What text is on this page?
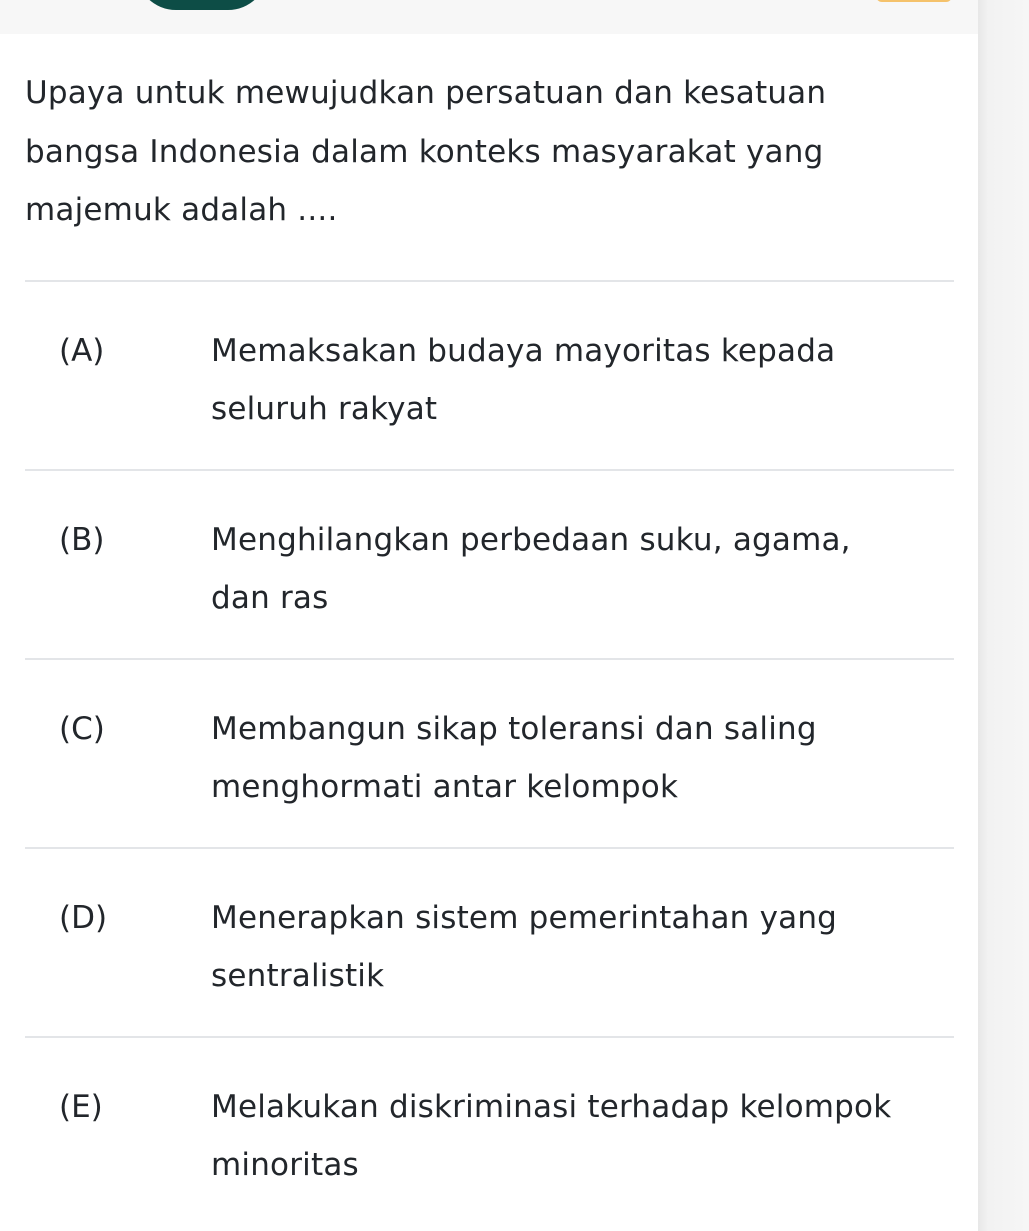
Upaya untuk mewujudkan persatuan dan kesatuan
bangsa Indonesia dalam konteks masyarakat yang
majemuk adalah ....
(A)	Memaksakan budaya mayoritas kepada
seluruh rakyat
(B)	Menghilangkan perbedaan suku, agama,
dan ras
(C)	Membangun sikap toleransi dan saling
menghormati antar kelompok
(D)	Menerapkan sistem pemerintahan yang
sentralistik
(E)	Melakukan diskriminasi terhadap kelompok
minoritas
